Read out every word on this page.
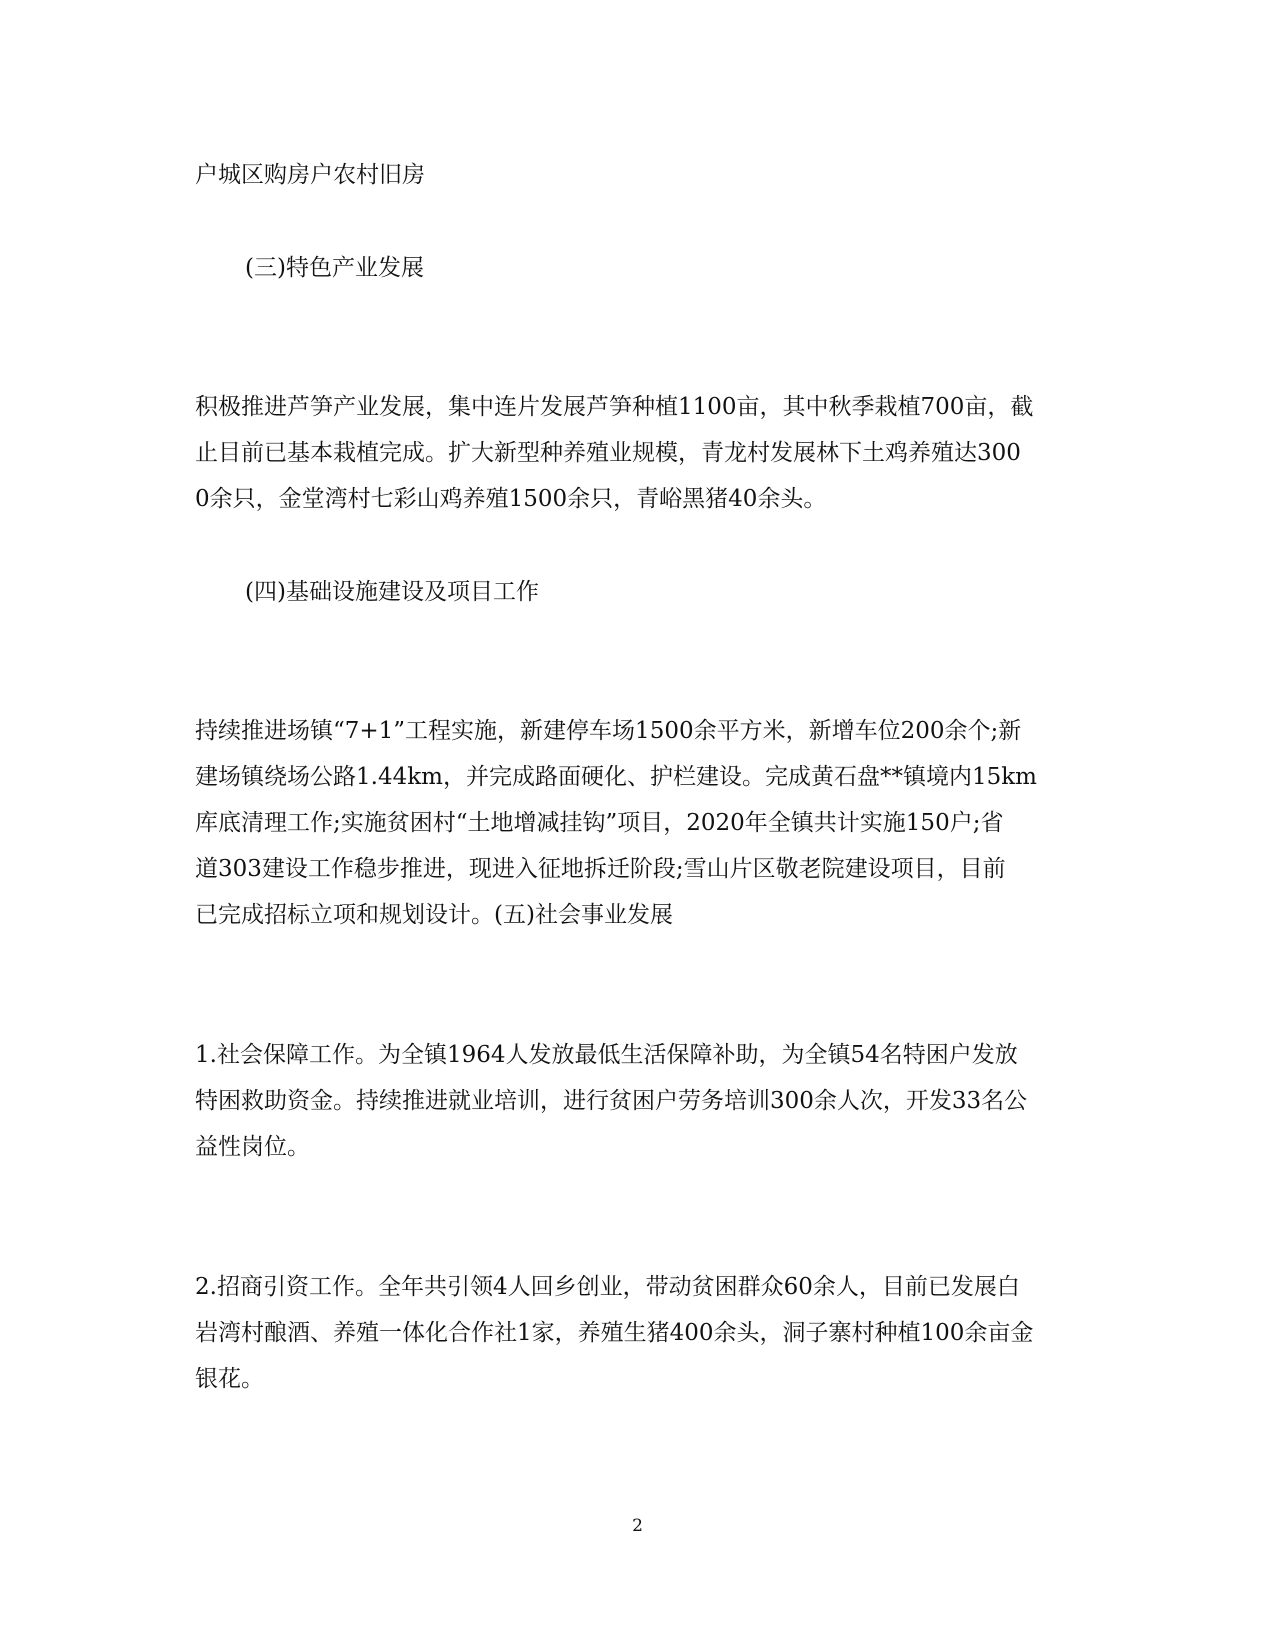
户城区购房户农村旧房
(三)特色产业发展
积极推进芦笋产业发展，集中连片发展芦笋种植1100亩，其中秋季栽植700亩，截
止目前已基本栽植完成。扩大新型种养殖业规模，青龙村发展林下土鸡养殖达300
0余只，金堂湾村七彩山鸡养殖1500余只，青峪黑猪40余头。
(四)基础设施建设及项目工作
持续推进场镇“7+1”工程实施，新建停车场1500余平方米，新增车位200余个;新
建场镇绕场公路1.44km，并完成路面硬化、护栏建设。完成黄石盘**镇境内15km
库底清理工作;实施贫困村“土地增减挂钩”项目，2020年全镇共计实施150户;省
道303建设工作稳步推进，现进入征地拆迁阶段;雪山片区敬老院建设项目，目前
已完成招标立项和规划设计。(五)社会事业发展
1.社会保障工作。为全镇1964人发放最低生活保障补助，为全镇54名特困户发放
特困救助资金。持续推进就业培训，进行贫困户劳务培训300余人次，开发33名公
益性岗位。
2.招商引资工作。全年共引领4人回乡创业，带动贫困群众60余人，目前已发展白
岩湾村酿酒、养殖一体化合作社1家，养殖生猪400余头，洞子寨村种植100余亩金
银花。
2
